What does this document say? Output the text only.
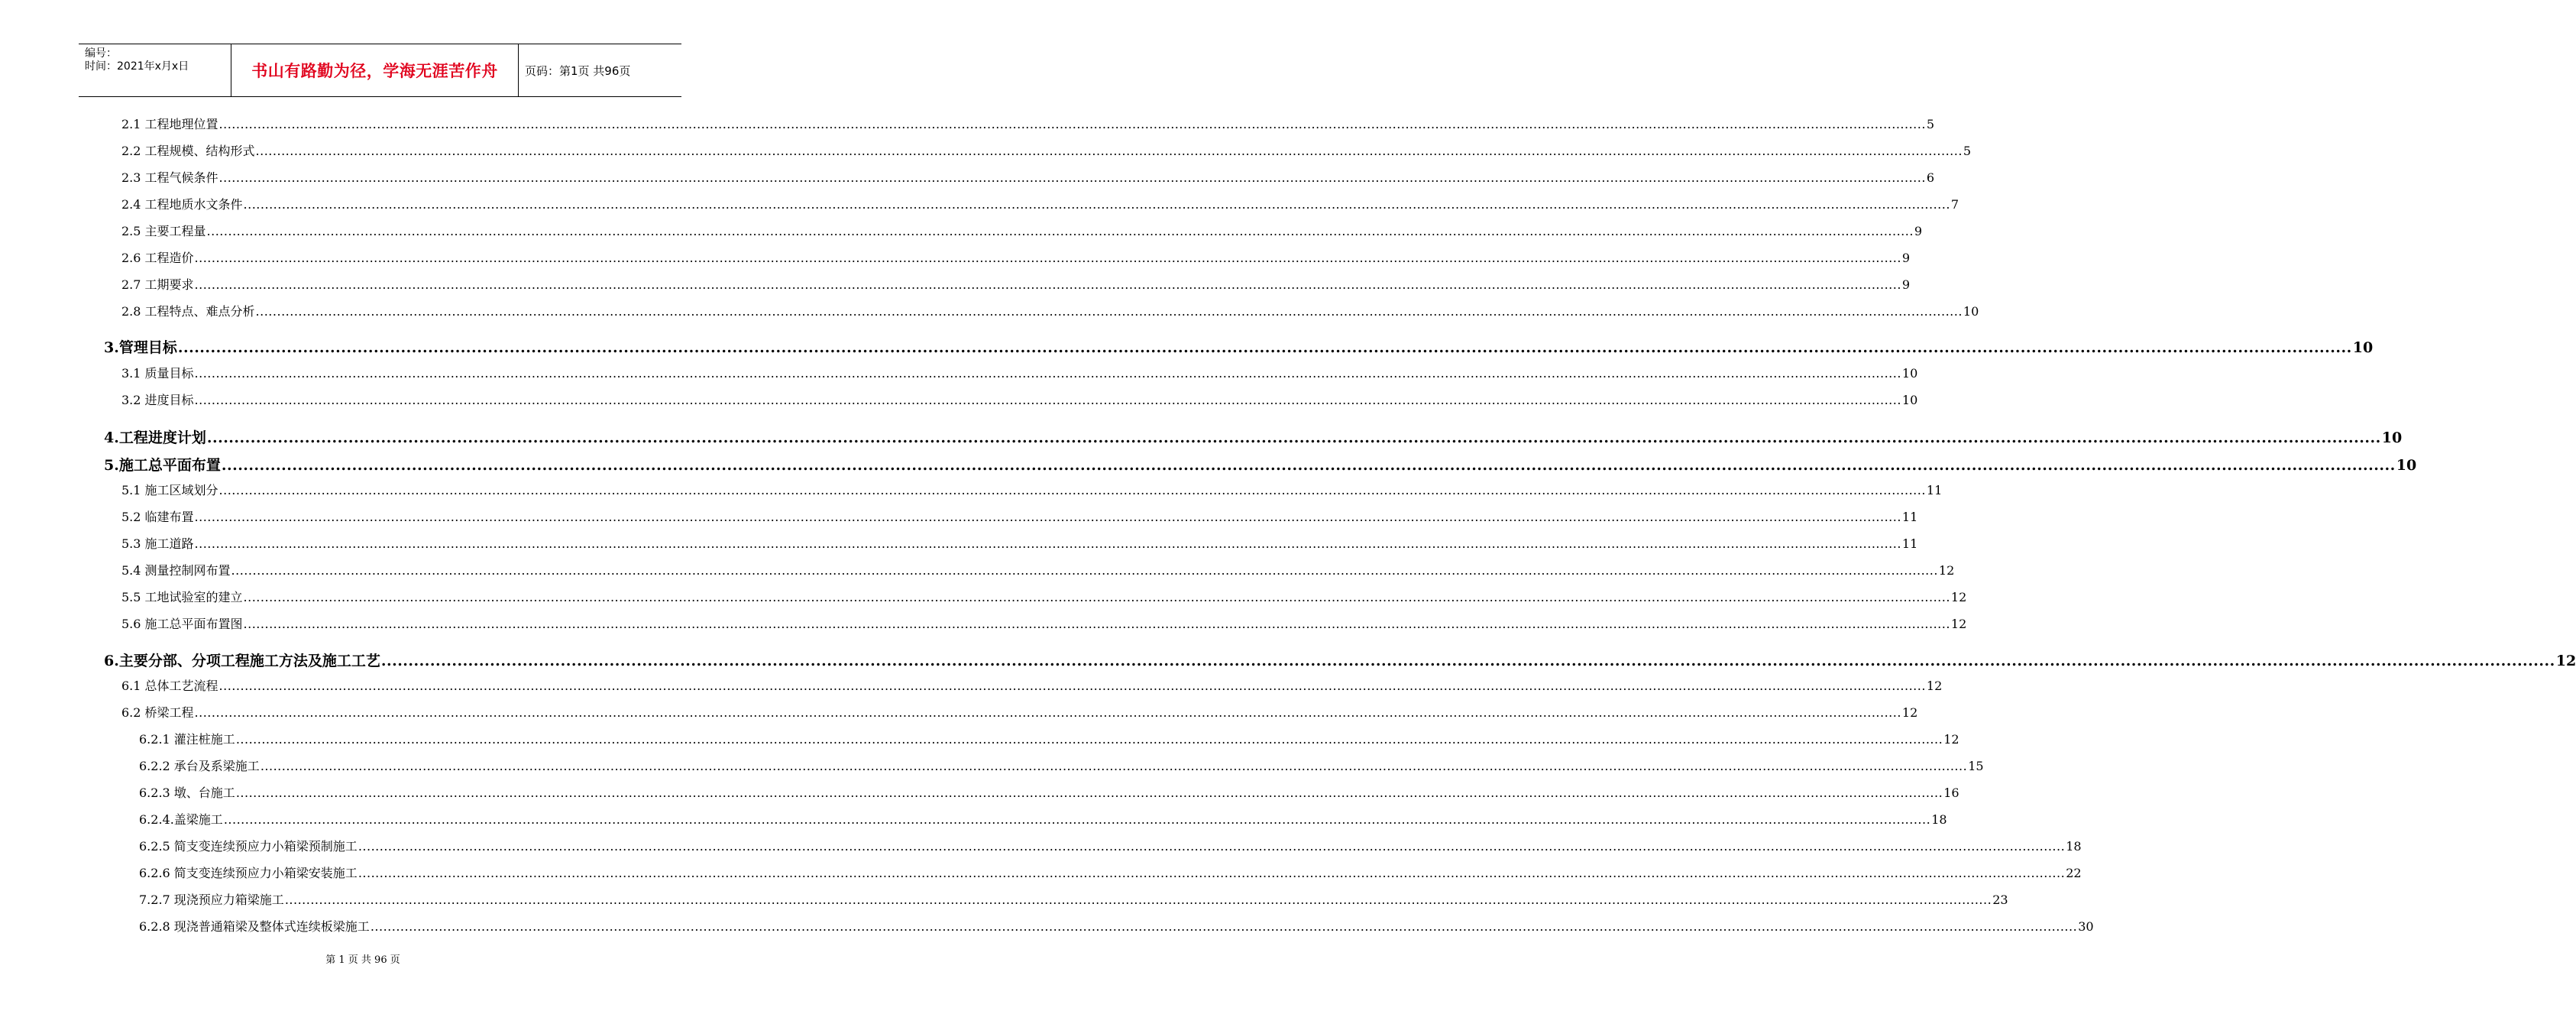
编号：
时间：2021年x月x日	书山有路勤为径，学海无涯苦作舟	页码：第1页 共96页
2.1 工程地理位置 ................................................................................................................................................................................................................................................................................................................................................................................................................ 5
2.2 工程规模、结构形式 ................................................................................................................................................................................................................................................................................................................................................................................................................ 5
2.3 工程气候条件 ................................................................................................................................................................................................................................................................................................................................................................................................................ 6
2.4 工程地质水文条件 ................................................................................................................................................................................................................................................................................................................................................................................................................ 7
2.5 主要工程量 ................................................................................................................................................................................................................................................................................................................................................................................................................ 9
2.6 工程造价 ................................................................................................................................................................................................................................................................................................................................................................................................................ 9
2.7 工期要求 ................................................................................................................................................................................................................................................................................................................................................................................................................ 9
2.8 工程特点、难点分析 ................................................................................................................................................................................................................................................................................................................................................................................................................ 10
3.管理目标 ................................................................................................................................................................................................................................................................................................................................................................................................................ 10
3.1 质量目标 ................................................................................................................................................................................................................................................................................................................................................................................................................ 10
3.2 进度目标 ................................................................................................................................................................................................................................................................................................................................................................................................................ 10
4.工程进度计划 ................................................................................................................................................................................................................................................................................................................................................................................................................ 10
5.施工总平面布置 ................................................................................................................................................................................................................................................................................................................................................................................................................ 10
5.1 施工区域划分 ................................................................................................................................................................................................................................................................................................................................................................................................................ 11
5.2 临建布置 ................................................................................................................................................................................................................................................................................................................................................................................................................ 11
5.3 施工道路 ................................................................................................................................................................................................................................................................................................................................................................................................................ 11
5.4 测量控制网布置 ................................................................................................................................................................................................................................................................................................................................................................................................................ 12
5.5 工地试验室的建立 ................................................................................................................................................................................................................................................................................................................................................................................................................ 12
5.6 施工总平面布置图 ................................................................................................................................................................................................................................................................................................................................................................................................................ 12
6.主要分部、分项工程施工方法及施工工艺 ................................................................................................................................................................................................................................................................................................................................................................................................................ 12
6.1 总体工艺流程 ................................................................................................................................................................................................................................................................................................................................................................................................................ 12
6.2 桥梁工程 ................................................................................................................................................................................................................................................................................................................................................................................................................ 12
6.2.1 灌注桩施工 ................................................................................................................................................................................................................................................................................................................................................................................................................ 12
6.2.2 承台及系梁施工 ................................................................................................................................................................................................................................................................................................................................................................................................................ 15
6.2.3 墩、台施工 ................................................................................................................................................................................................................................................................................................................................................................................................................ 16
6.2.4.盖梁施工 ................................................................................................................................................................................................................................................................................................................................................................................................................ 18
6.2.5 简支变连续预应力小箱梁预制施工 ................................................................................................................................................................................................................................................................................................................................................................................................................ 18
6.2.6 简支变连续预应力小箱梁安装施工 ................................................................................................................................................................................................................................................................................................................................................................................................................ 22
7.2.7 现浇预应力箱梁施工 ................................................................................................................................................................................................................................................................................................................................................................................................................ 23
6.2.8 现浇普通箱梁及整体式连续板梁施工 ................................................................................................................................................................................................................................................................................................................................................................................................................ 30
第 1 页 共 96 页
